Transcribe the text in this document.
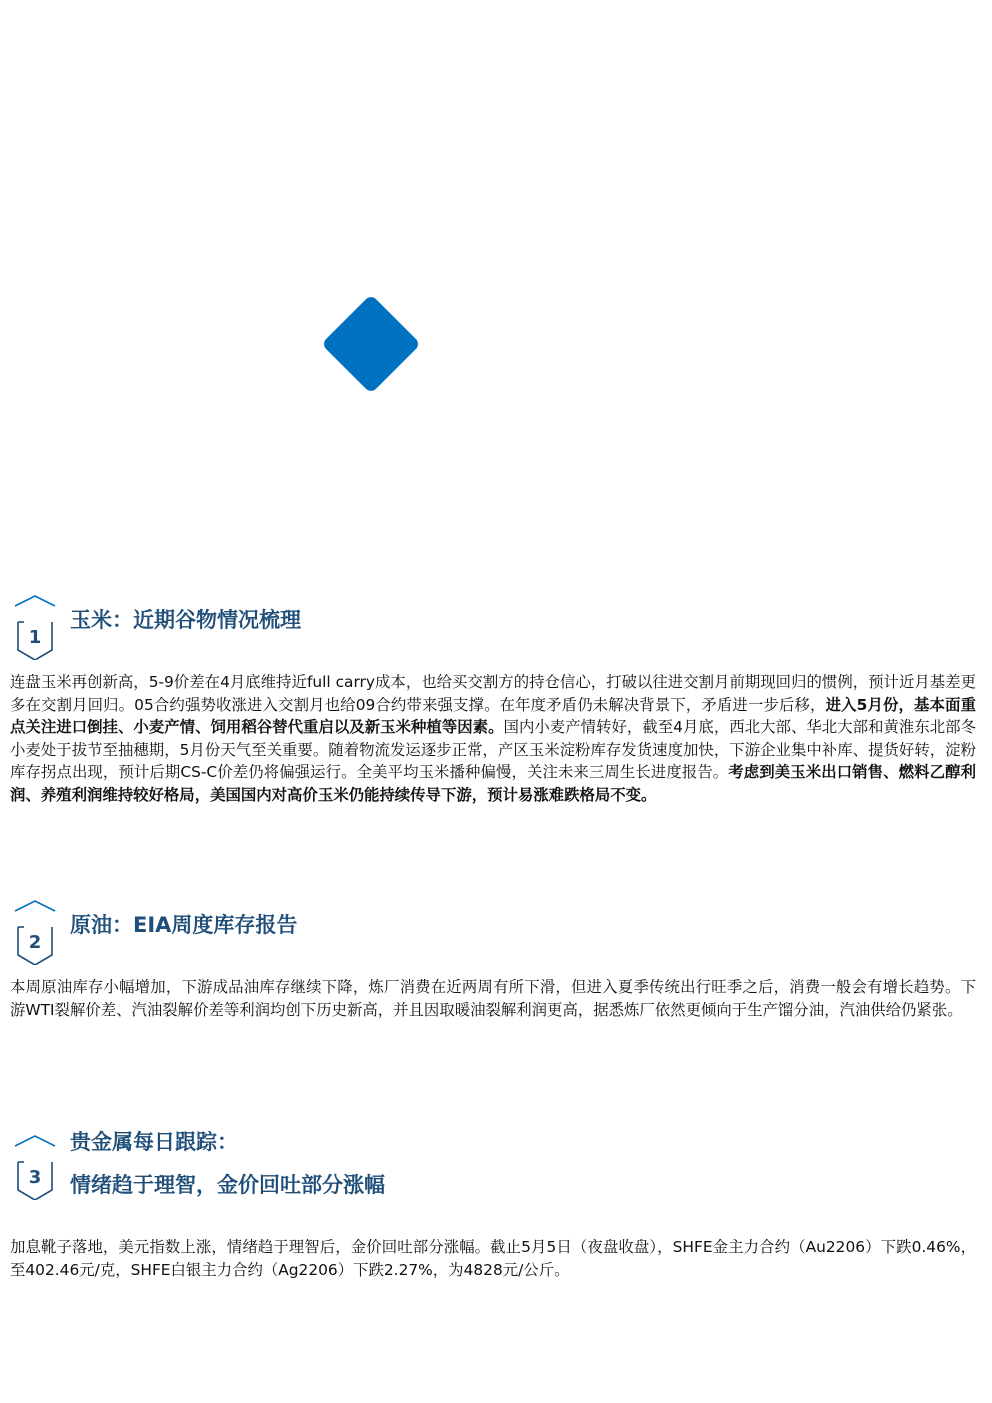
1
玉米：近期谷物情况梳理
连盘玉米再创新高，5-9价差在4月底维持近full carry成本，也给买交割方的持仓信心，打破以往进交割月前期现回归的惯例，预计近月基差更多在交割月回归。05合约强势收涨进入交割月也给09合约带来强支撑。在年度矛盾仍未解决背景下，矛盾进一步后移，进入5月份，基本面重点关注进口倒挂、小麦产情、饲用稻谷替代重启以及新玉米种植等因素。国内小麦产情转好，截至4月底，西北大部、华北大部和黄淮东北部冬小麦处于拔节至抽穗期，5月份天气至关重要。随着物流发运逐步正常，产区玉米淀粉库存发货速度加快，下游企业集中补库、提货好转，淀粉库存拐点出现，预计后期CS-C价差仍将偏强运行。全美平均玉米播种偏慢，关注未来三周生长进度报告。考虑到美玉米出口销售、燃料乙醇利润、养殖利润维持较好格局，美国国内对高价玉米仍能持续传导下游，预计易涨难跌格局不变。
2
原油：EIA周度库存报告
本周原油库存小幅增加，下游成品油库存继续下降，炼厂消费在近两周有所下滑，但进入夏季传统出行旺季之后，消费一般会有增长趋势。下游WTI裂解价差、汽油裂解价差等利润均创下历史新高，并且因取暖油裂解利润更高，据悉炼厂依然更倾向于生产馏分油，汽油供给仍紧张。
3
贵金属每日跟踪：
情绪趋于理智，金价回吐部分涨幅
加息靴子落地，美元指数上涨，情绪趋于理智后，金价回吐部分涨幅。截止5月5日（夜盘收盘），SHFE金主力合约（Au2206）下跌0.46%，至402.46元/克，SHFE白银主力合约（Ag2206）下跌2.27%，为4828元/公斤。
